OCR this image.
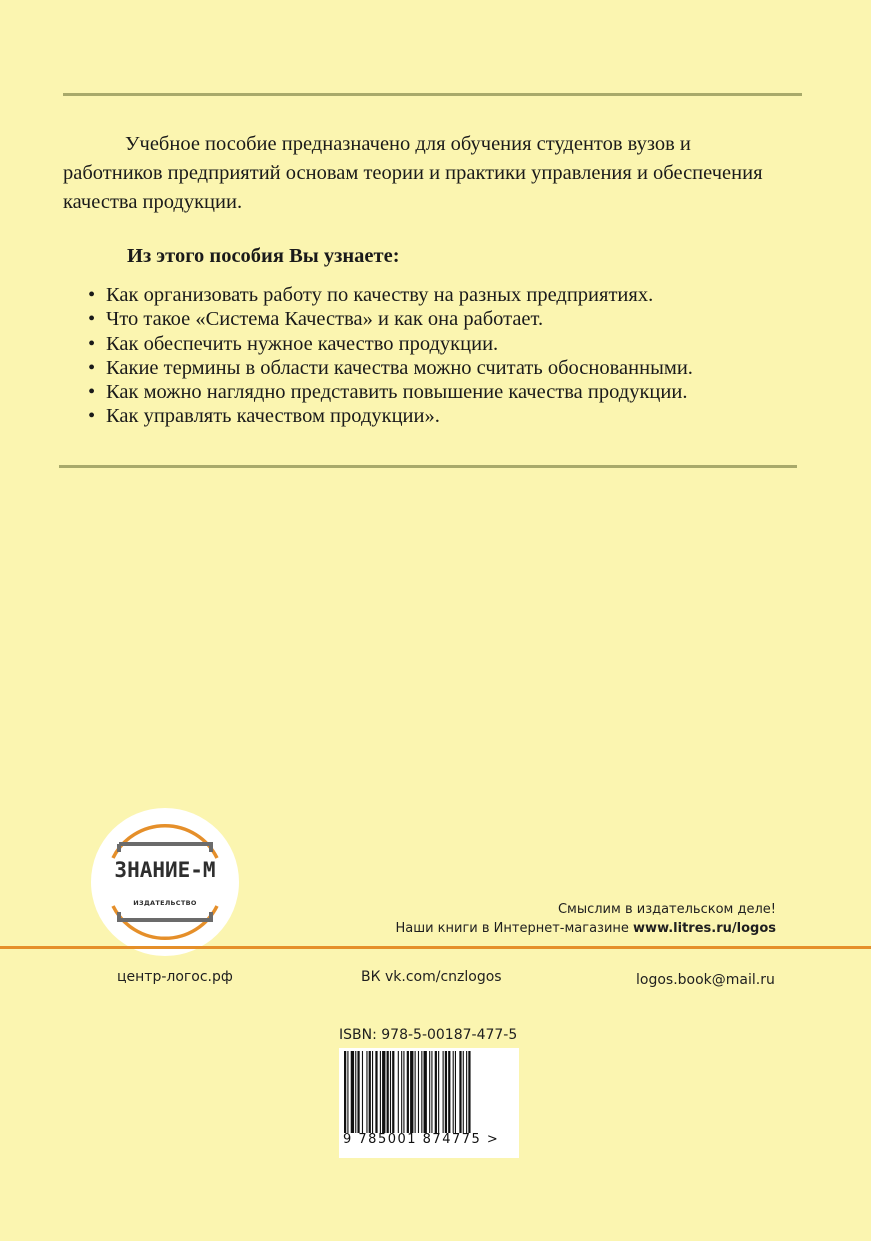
Учебное пособие предназначено для обучения студентов вузов и работников предприятий основам теории и практики управления и обеспечения качества продукции.

Из этого пособия Вы узнаете:

• Как организовать работу по качеству на разных предприятиях.
• Что такое «Система Качества» и как она работает.
• Как обеспечить нужное качество продукции.
• Какие термины в области качества можно считать обоснованными.
• Как можно наглядно представить повышение качества продукции.
• Как управлять качеством продукции».
ЗНАНИЕ-М
ИЗДАТЕЛЬСТВО	Смыслим в издательском деле!
Наши книги в Интернет-магазине www.litres.ru/logos
центр-логос.рф	ВК vk.com/cnzlogos	logos.book@mail.ru
ISBN: 978-5-00187-477-5
9 785001 874775 >
